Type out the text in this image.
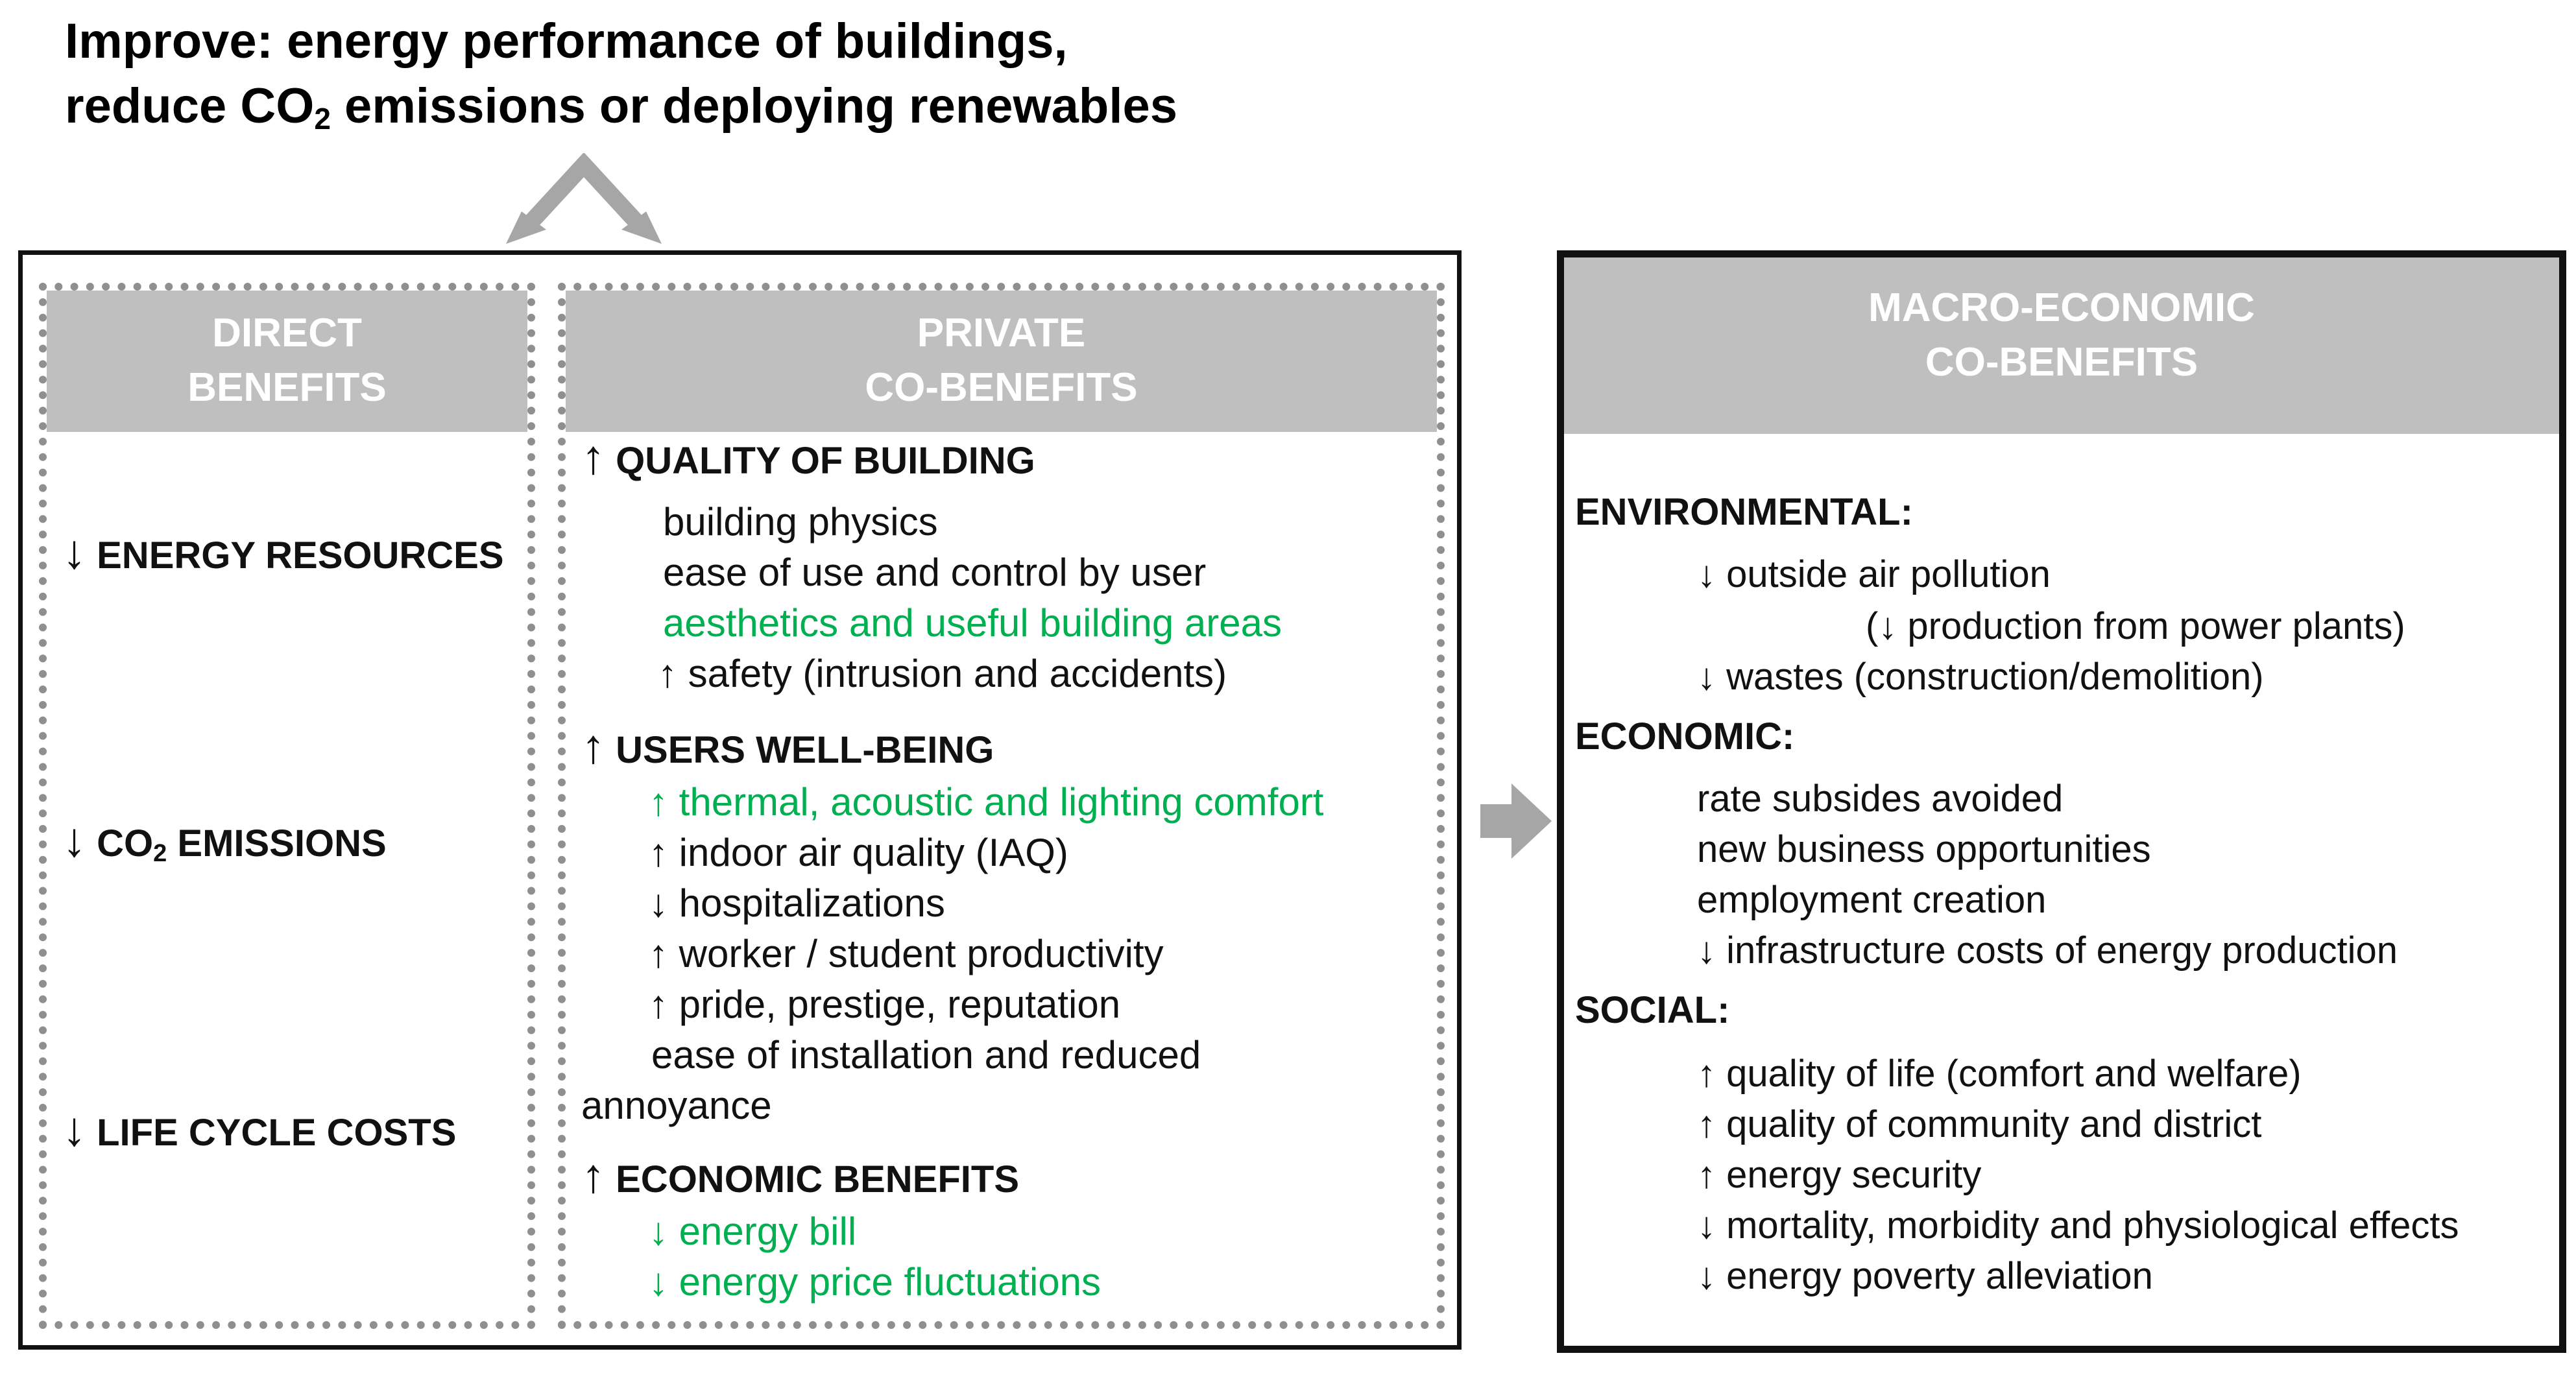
Improve: energy performance of buildings,
reduce $CO_2$ emissions or deploying renewables
DIRECT
BENEFITS
PRIVATE
CO-BENEFITS
MACRO-ECONOMIC
CO-BENEFITS
↓ ENERGY RESOURCES
↓ $CO_2$ EMISSIONS
↓ LIFE CYCLE COSTS
↑ QUALITY OF BUILDING
building physics
ease of use and control by user
aesthetics and useful building areas
↑ safety (intrusion and accidents)
↑ USERS WELL-BEING
↑ thermal, acoustic and lighting comfort
↑ indoor air quality (IAQ)
↓ hospitalizations
↑ worker / student productivity
↑ pride, prestige, reputation
ease of installation and reduced
annoyance
↑ ECONOMIC BENEFITS
↓ energy bill
↓ energy price fluctuations
ENVIRONMENTAL:
↓ outside air pollution
(↓ production from power plants)
↓ wastes (construction/demolition)
ECONOMIC:
rate subsides avoided
new business opportunities
employment creation
↓ infrastructure costs of energy production
SOCIAL:
↑ quality of life (comfort and welfare)
↑ quality of community and district
↑ energy security
↓ mortality, morbidity and physiological effects
↓ energy poverty alleviation
